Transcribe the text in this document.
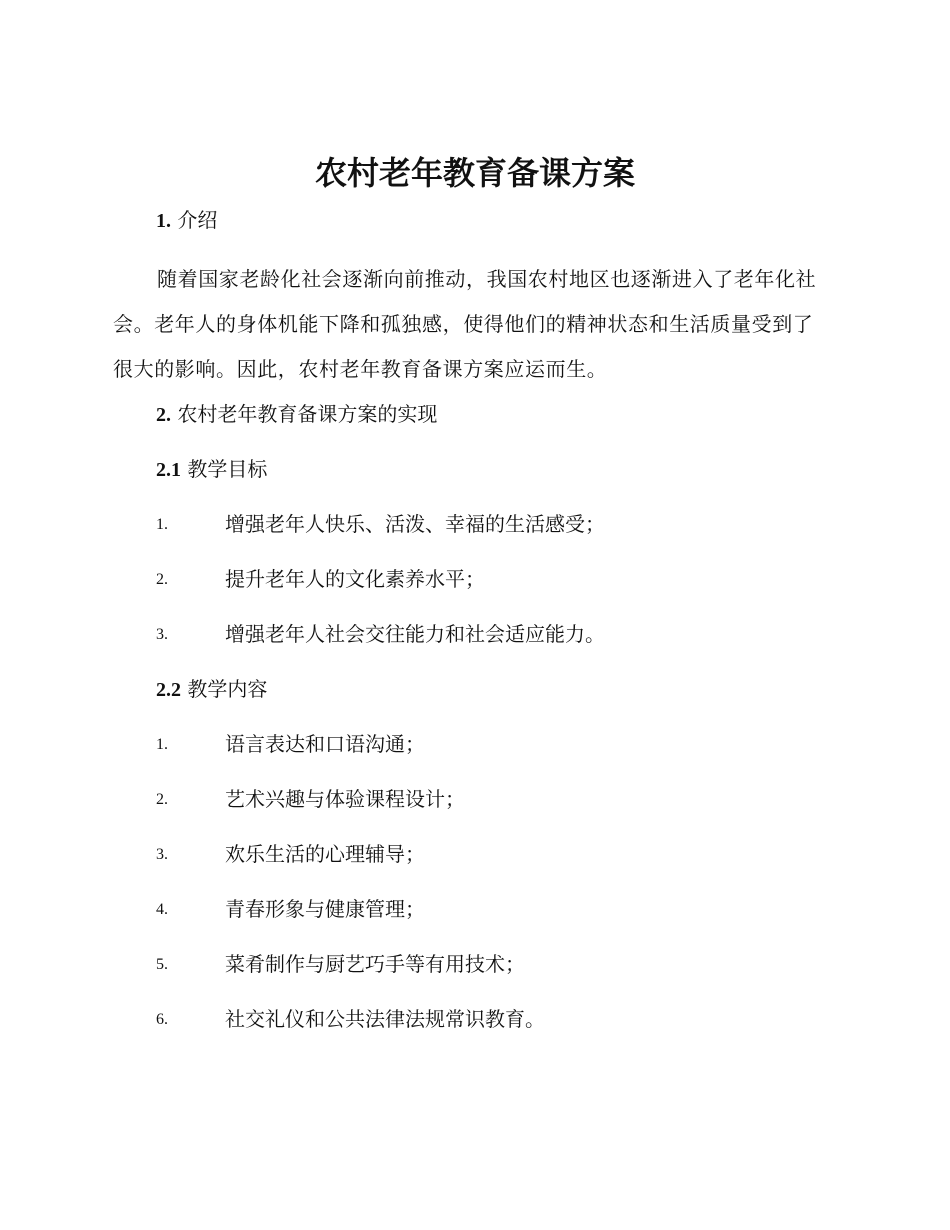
农村老年教育备课方案
1. 介绍

随着国家老龄化社会逐渐向前推动，我国农村地区也逐渐进入了老年化社会。老年人的身体机能下降和孤独感，使得他们的精神状态和生活质量受到了很大的影响。因此，农村老年教育备课方案应运而生。

2. 农村老年教育备课方案的实现
2.1 教学目标
1.	增强老年人快乐、活泼、幸福的生活感受；
2.	提升老年人的文化素养水平；
3.	增强老年人社会交往能力和社会适应能力。
2.2 教学内容
1.	语言表达和口语沟通；
2.	艺术兴趣与体验课程设计；
3.	欢乐生活的心理辅导；
4.	青春形象与健康管理；
5.	菜肴制作与厨艺巧手等有用技术；
6.	社交礼仪和公共法律法规常识教育。
